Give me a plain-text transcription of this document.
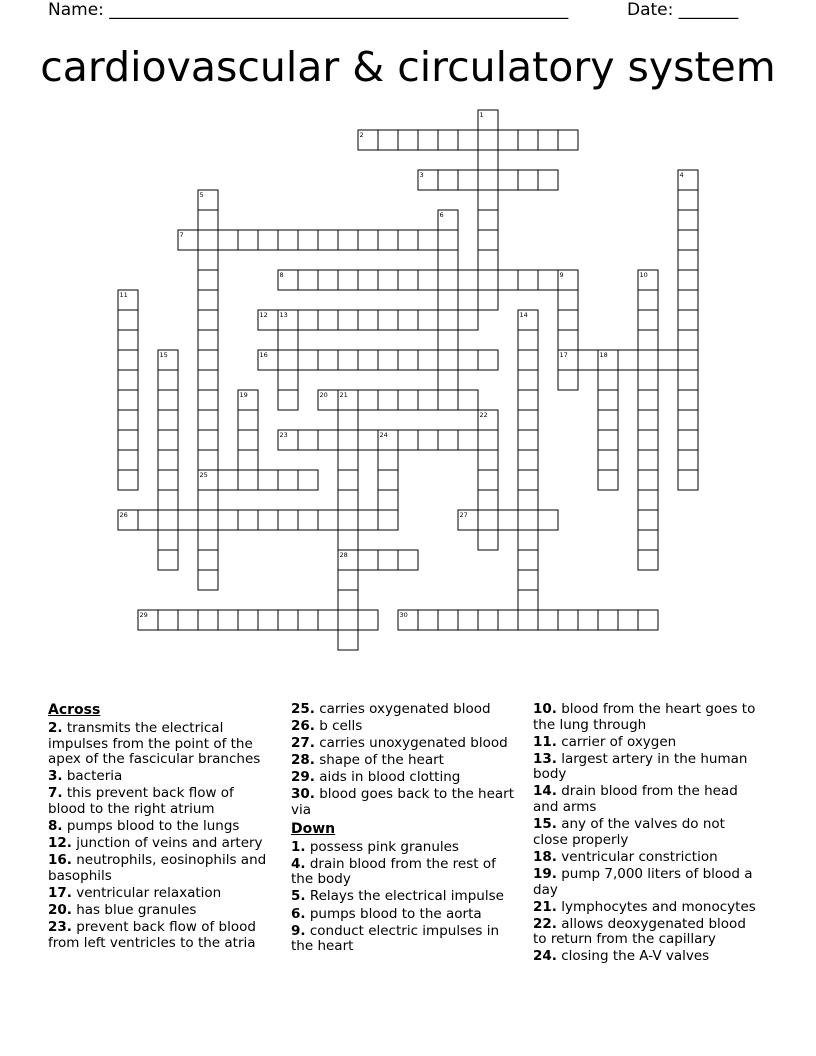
Name: ______________________________________________________	Date: _______
cardiovascular & circulatory system
1
2
3	4
5
25
6
7
8	9
17
10
11
12 13	14
15	16	18
19	20 21
28
22
23	24
26	27
29	30
Across
2. transmits the electrical impulses from the point of the apex of the fascicular branches
3. bacteria
7. this prevent back flow of blood to the right atrium
8. pumps blood to the lungs
12. junction of veins and artery
16. neutrophils, eosinophils and basophils
17. ventricular relaxation
20. has blue granules
23. prevent back flow of blood from left ventricles to the atria
25. carries oxygenated blood
26. b cells
27. carries unoxygenated blood
28. shape of the heart
29. aids in blood clotting
30. blood goes back to the heart via
Down
1. possess pink granules
4. drain blood from the rest of the body
5. Relays the electrical impulse
6. pumps blood to the aorta
9. conduct electric impulses in the heart
10. blood from the heart goes to the lung through
11. carrier of oxygen
13. largest artery in the human body
14. drain blood from the head and arms
15. any of the valves do not close properly
18. ventricular constriction
19. pump 7,000 liters of blood a day
21. lymphocytes and monocytes
22. allows deoxygenated blood to return from the capillary
24. closing the A-V valves
